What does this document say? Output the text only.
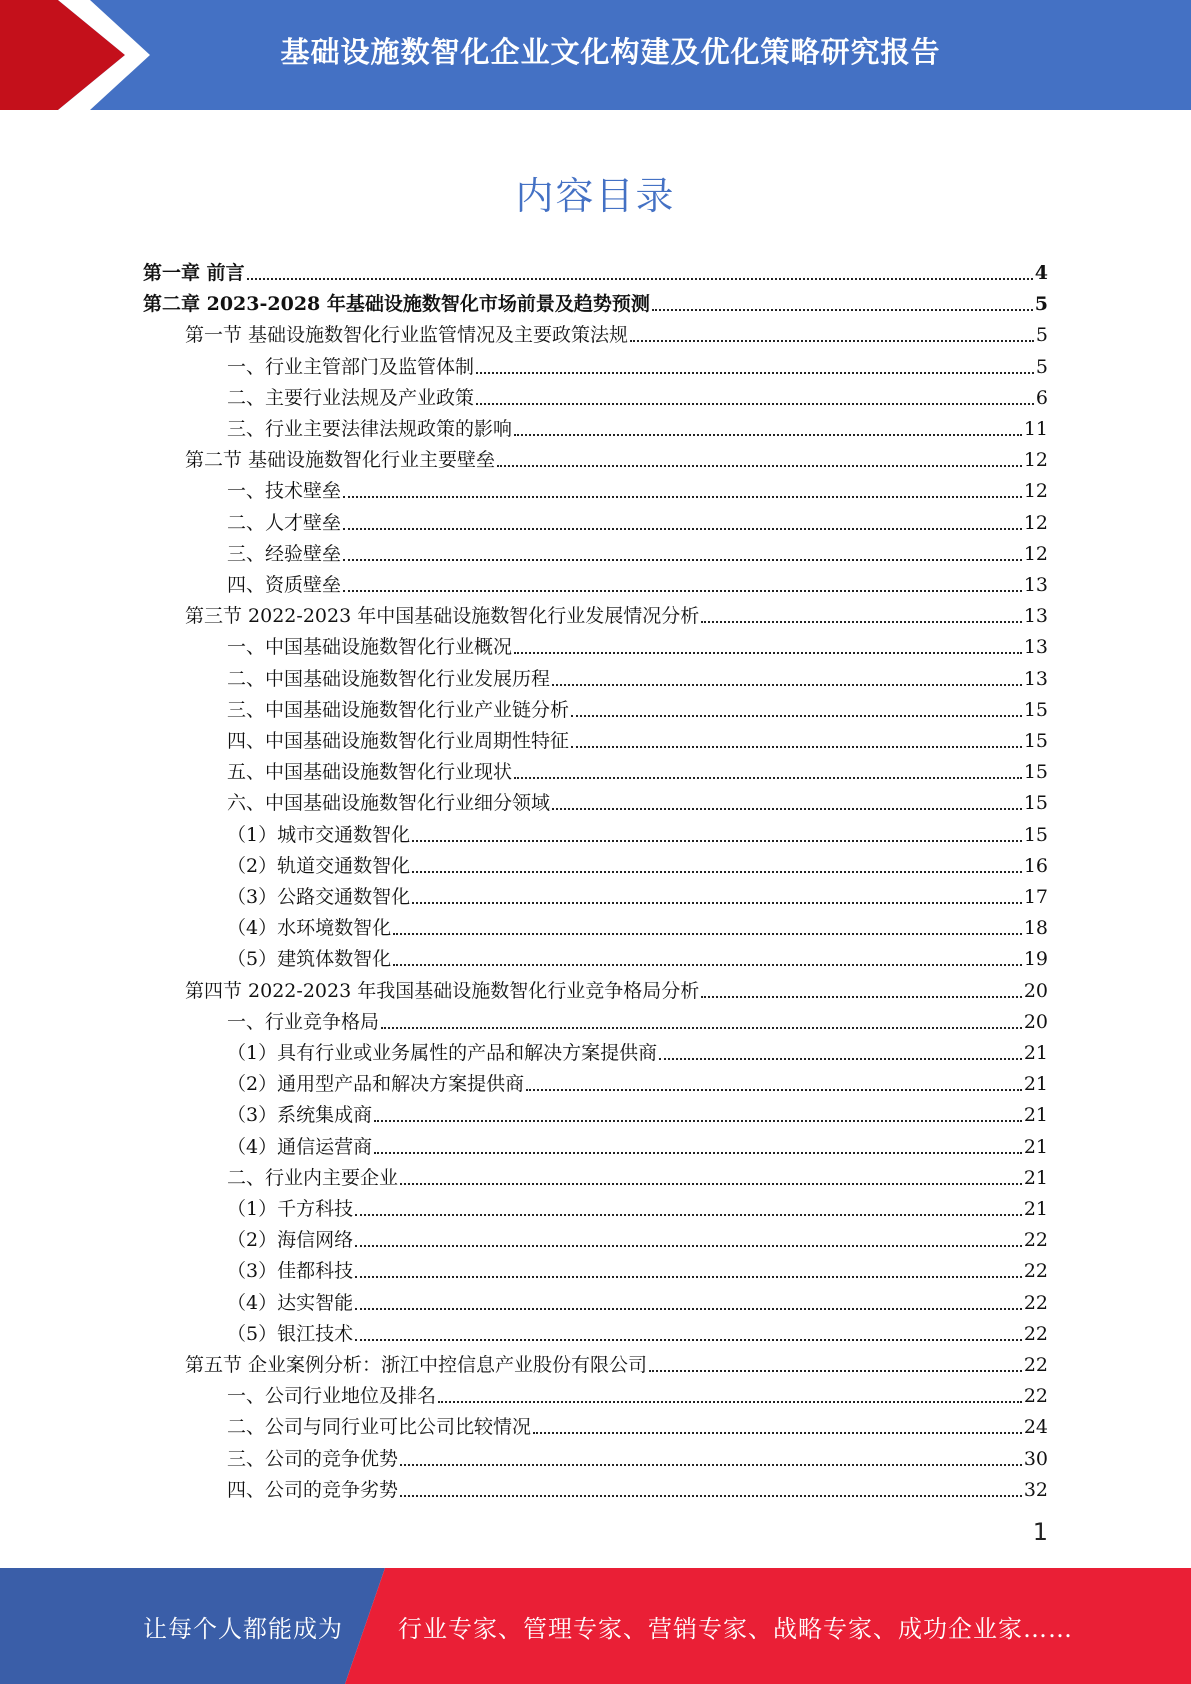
基础设施数智化企业文化构建及优化策略研究报告
内容目录
第一章 前言	4
第二章 2023-2028 年基础设施数智化市场前景及趋势预测	5
第一节 基础设施数智化行业监管情况及主要政策法规	5
一、行业主管部门及监管体制	5
二、主要行业法规及产业政策	6
三、行业主要法律法规政策的影响	11
第二节 基础设施数智化行业主要壁垒	12
一、技术壁垒	12
二、人才壁垒	12
三、经验壁垒	12
四、资质壁垒	13
第三节 2022-2023 年中国基础设施数智化行业发展情况分析	13
一、中国基础设施数智化行业概况	13
二、中国基础设施数智化行业发展历程	13
三、中国基础设施数智化行业产业链分析	15
四、中国基础设施数智化行业周期性特征	15
五、中国基础设施数智化行业现状	15
六、中国基础设施数智化行业细分领域	15
（1）城市交通数智化	15
（2）轨道交通数智化	16
（3）公路交通数智化	17
（4）水环境数智化	18
（5）建筑体数智化	19
第四节 2022-2023 年我国基础设施数智化行业竞争格局分析	20
一、行业竞争格局	20
（1）具有行业或业务属性的产品和解决方案提供商	21
（2）通用型产品和解决方案提供商	21
（3）系统集成商	21
（4）通信运营商	21
二、行业内主要企业	21
（1）千方科技	21
（2）海信网络	22
（3）佳都科技	22
（4）达实智能	22
（5）银江技术	22
第五节 企业案例分析：浙江中控信息产业股份有限公司	22
一、公司行业地位及排名	22
二、公司与同行业可比公司比较情况	24
三、公司的竞争优势	30
四、公司的竞争劣势	32
1
让每个人都能成为 行业专家、管理专家、营销专家、战略专家、成功企业家……
